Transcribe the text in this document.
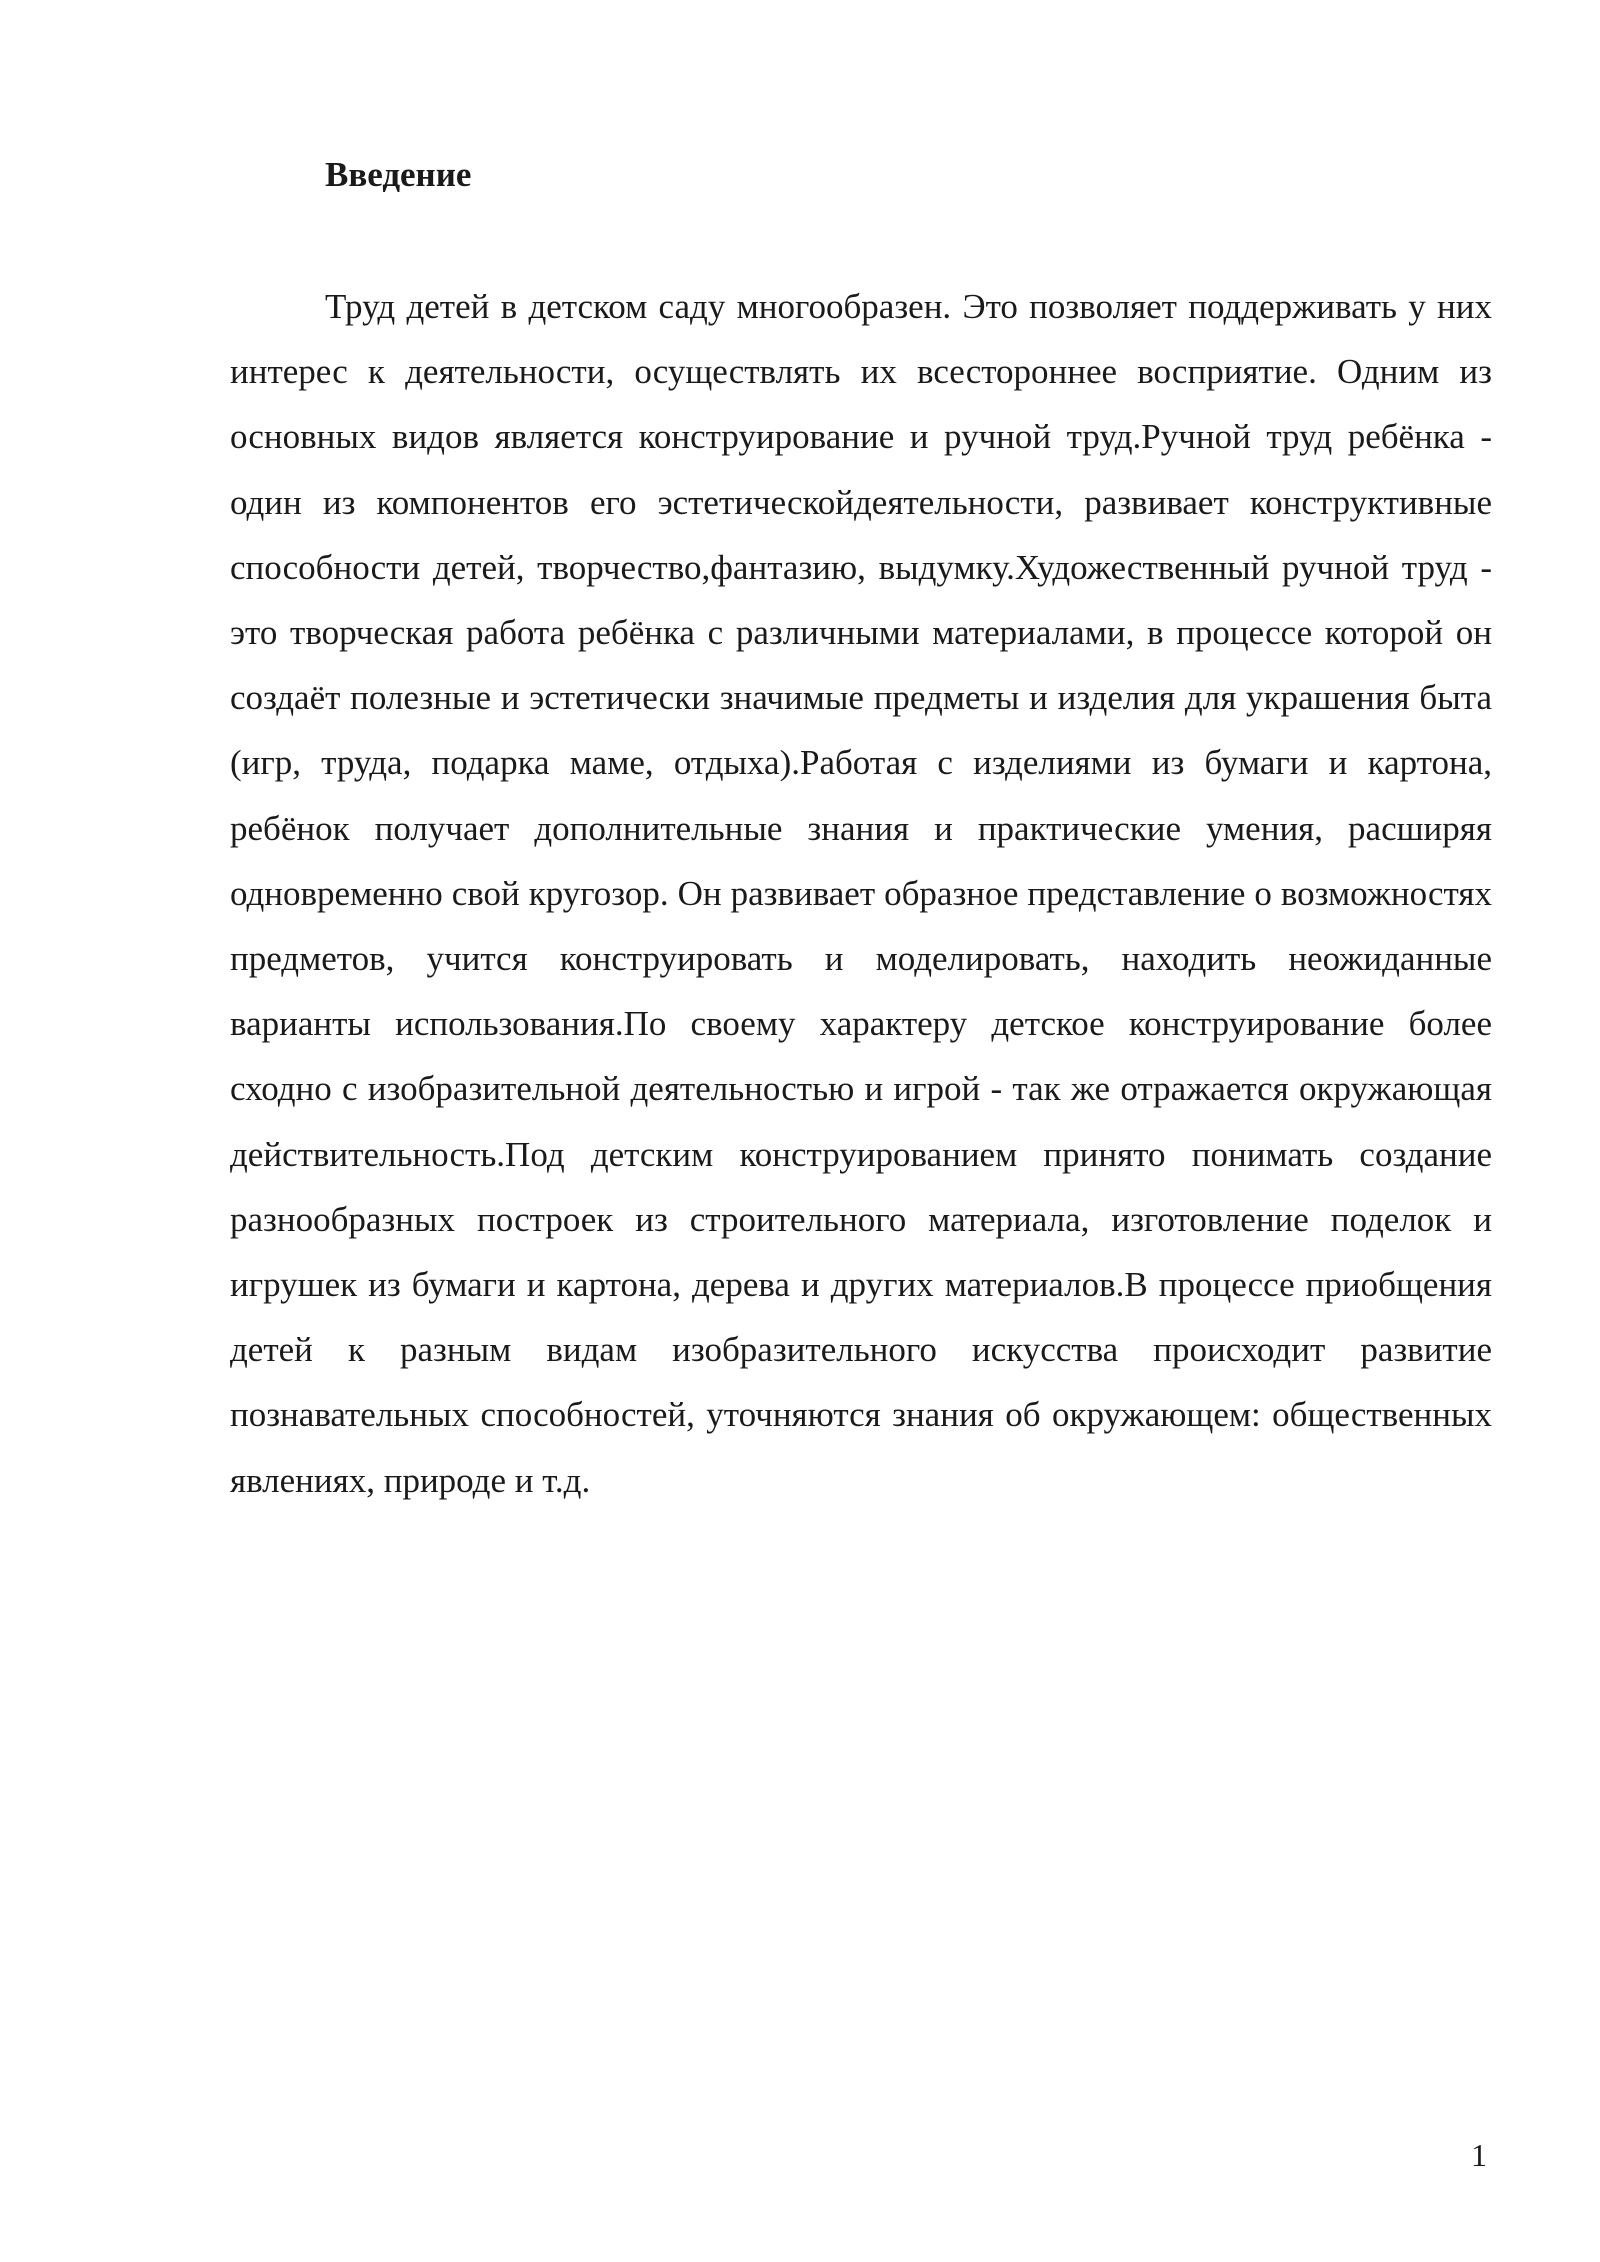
Введение

Труд детей в детском саду многообразен. Это позволяет поддерживать у них интерес к деятельности, осуществлять их всестороннее восприятие. Одним из основных видов является конструирование и ручной труд.Ручной труд ребёнка - один из компонентов его эстетическойдеятельности, развивает конструктивные способности детей, творчество,фантазию, выдумку.Художественный ручной труд - это творческая работа ребёнка с различными материалами, в процессе которой он создаёт полезные и эстетически значимые предметы и изделия для украшения быта (игр, труда, подарка маме, отдыха).Работая с изделиями из бумаги и картона, ребёнок получает дополнительные знания и практические умения, расширяя одновременно свой кругозор. Он развивает образное представление о возможностях предметов, учится конструировать и моделировать, находить неожиданные варианты использования.По своему характеру детское конструирование более сходно с изобразительной деятельностью и игрой - так же отражается окружающая действительность.Под детским конструированием принято понимать создание разнообразных построек из строительного материала, изготовление поделок и игрушек из бумаги и картона, дерева и других материалов.В процессе приобщения детей к разным видам изобразительного искусства происходит развитие познавательных способностей, уточняются знания об окружающем: общественных явлениях, природе и т.д.

1
